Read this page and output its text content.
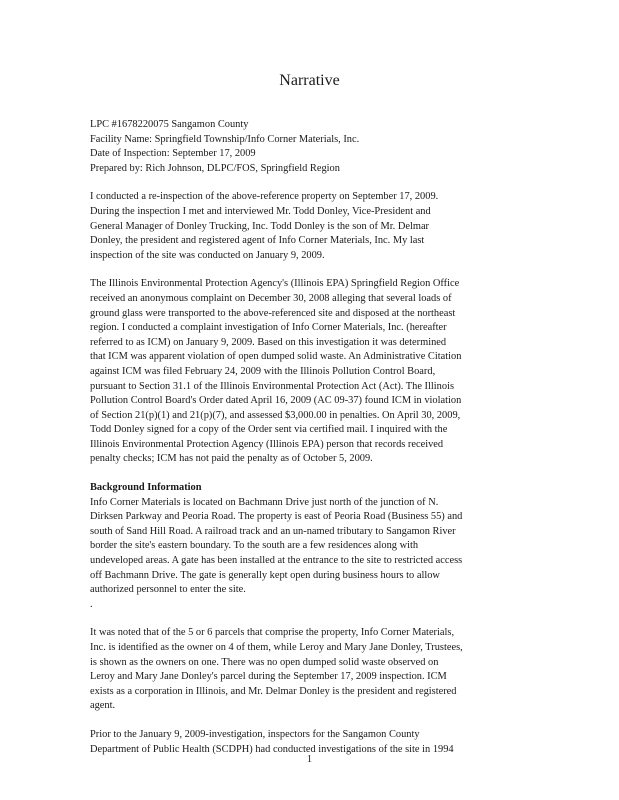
Narrative
LPC #1678220075 Sangamon County
Facility Name: Springfield Township/Info Corner Materials, Inc.
Date of Inspection: September 17, 2009
Prepared by: Rich Johnson, DLPC/FOS, Springfield Region
I conducted a re-inspection of the above-reference property on September 17, 2009.
During the inspection I met and interviewed Mr. Todd Donley, Vice-President and
General Manager of Donley Trucking, Inc. Todd Donley is the son of Mr. Delmar
Donley, the president and registered agent of Info Corner Materials, Inc. My last
inspection of the site was conducted on January 9, 2009.
The Illinois Environmental Protection Agency's (Illinois EPA) Springfield Region Office
received an anonymous complaint on December 30, 2008 alleging that several loads of
ground glass were transported to the above-referenced site and disposed at the northeast
region. I conducted a complaint investigation of Info Corner Materials, Inc. (hereafter
referred to as ICM) on January 9, 2009. Based on this investigation it was determined
that ICM was apparent violation of open dumped solid waste. An Administrative Citation
against ICM was filed February 24, 2009 with the Illinois Pollution Control Board,
pursuant to Section 31.1 of the Illinois Environmental Protection Act (Act). The Illinois
Pollution Control Board's Order dated April 16, 2009 (AC 09-37) found ICM in violation
of Section 21(p)(1) and 21(p)(7), and assessed $3,000.00 in penalties. On April 30, 2009,
Todd Donley signed for a copy of the Order sent via certified mail. I inquired with the
Illinois Environmental Protection Agency (Illinois EPA) person that records received
penalty checks; ICM has not paid the penalty as of October 5, 2009.
Background Information
Info Corner Materials is located on Bachmann Drive just north of the junction of N.
Dirksen Parkway and Peoria Road. The property is east of Peoria Road (Business 55) and
south of Sand Hill Road. A railroad track and an un-named tributary to Sangamon River
border the site's eastern boundary. To the south are a few residences along with
undeveloped areas. A gate has been installed at the entrance to the site to restricted access
off Bachmann Drive. The gate is generally kept open during business hours to allow
authorized personnel to enter the site.
.
It was noted that of the 5 or 6 parcels that comprise the property, Info Corner Materials,
Inc. is identified as the owner on 4 of them, while Leroy and Mary Jane Donley, Trustees,
is shown as the owners on one. There was no open dumped solid waste observed on
Leroy and Mary Jane Donley's parcel during the September 17, 2009 inspection. ICM
exists as a corporation in Illinois, and Mr. Delmar Donley is the president and registered
agent.
Prior to the January 9, 2009-investigation, inspectors for the Sangamon County
Department of Public Health (SCDPH) had conducted investigations of the site in 1994
1
